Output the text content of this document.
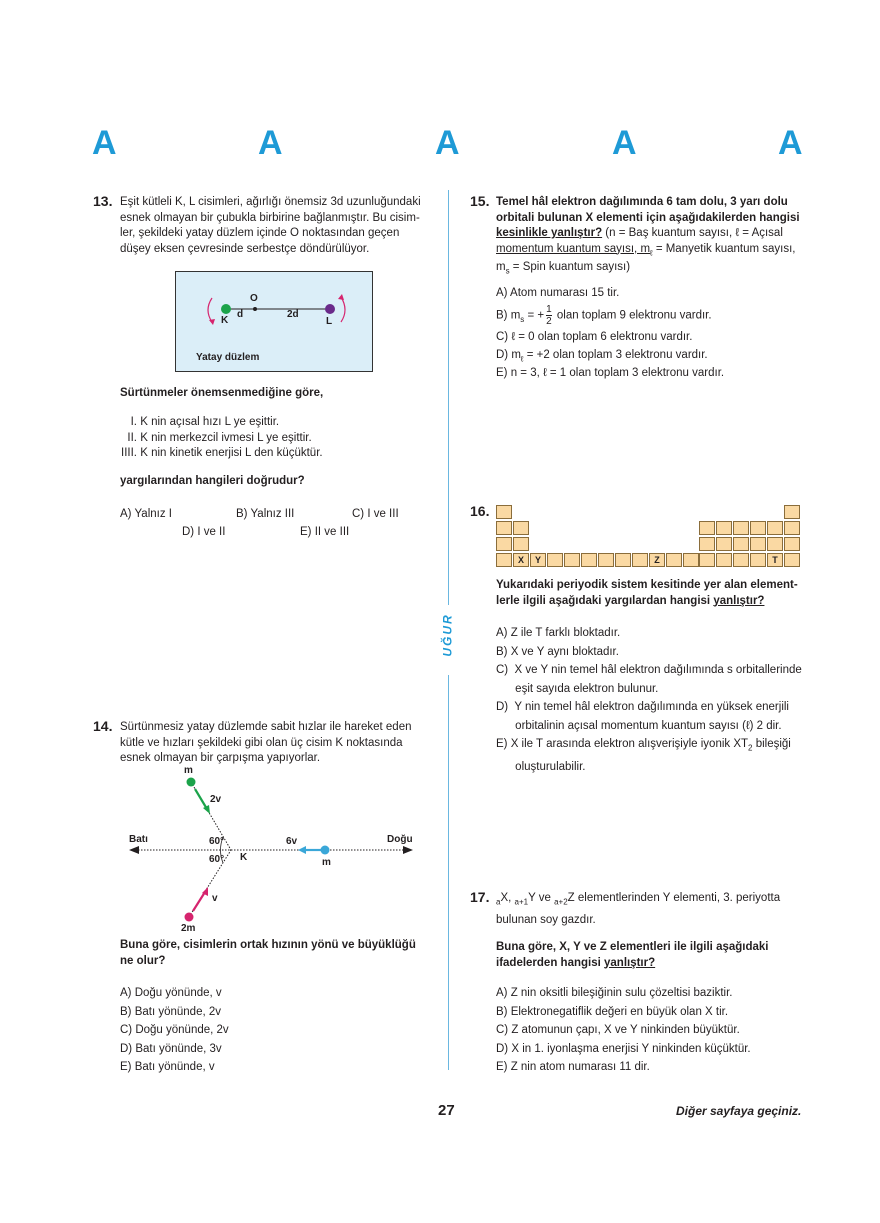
A	A	A	A	A
UĞUR
13. Eşit kütleli K, L cisimleri, ağırlığı önemsiz 3d uzunluğundaki
esnek olmayan bir çubukla birbirine bağlanmıştır. Bu cisim-
ler, şekildeki yatay düzlem içinde O noktasından geçen
düşey eksen çevresinde serbestçe döndürülüyor.
O
K
d	2d
L
Yatay düzlem
Sürtünmeler önemsenmediğine göre,
I. K nin açısal hızı L ye eşittir.
II. K nin merkezcil ivmesi L ye eşittir.
IIII. K nin kinetik enerjisi L den küçüktür.
yargılarından hangileri doğrudur?
A) Yalnız I	B) Yalnız III	C) I ve III
D) I ve II	E) II ve III
14. Sürtünmesiz yatay düzlemde sabit hızlar ile hareket eden
kütle ve hızları şekildeki gibi olan üç cisim K noktasında
esnek olmayan bir çarpışma yapıyorlar.
Batı	Doğu
m
2v
60°
60° K
6v
m
v
2m
Buna göre, cisimlerin ortak hızının yönü ve büyüklüğü
ne olur?
A) Doğu yönünde, v
B) Batı yönünde, 2v
C) Doğu yönünde, 2v
D) Batı yönünde, 3v
E) Batı yönünde, v
15. Temel hâl elektron dağılımında 6 tam dolu, 3 yarı dolu
orbitali bulunan X elementi için aşağıdakilerden hangisi
kesinlikle yanlıştır? (n = Baş kuantum sayısı, ℓ = Açısal
momentum kuantum sayısı, $m_\ell$ = Manyetik kuantum sayısı,
$m_s$ = Spin kuantum sayısı)
A) Atom numarası 15 tir.
B) $m_s$ = + $\frac{1}{2}$ olan toplam 9 elektronu vardır.
C) ℓ = 0 olan toplam 6 elektronu vardır.
D) $m_\ell = +2$ olan toplam 3 elektronu vardır.
E) n = 3, ℓ = 1 olan toplam 3 elektronu vardır.
16.
X	Y	Z	T
Yukarıdaki periyodik sistem kesitinde yer alan element-
lerle ilgili aşağıdaki yargılardan hangisi yanlıştır?
A) Z ile T farklı bloktadır.
B) X ve Y aynı bloktadır.
C)  X ve Y nin temel hâl elektron dağılımında s orbitallerinde
eşit sayıda elektron bulunur.
D)  Y nin temel hâl elektron dağılımında en yüksek enerjili
orbitalinin açısal momentum kuantum sayısı (ℓ) 2 dir.
E) X ile T arasında elektron alışverişiyle iyonik $XT_2$ bileşiği
oluşturulabilir.
17. $_a$X, $_{a+1}$Y ve $_{a+2}$Z elementlerinden Y elementi, 3. periyotta
bulunan soy gazdır.
Buna göre, X, Y ve Z elementleri ile ilgili aşağıdaki
ifadelerden hangisi yanlıştır?
A) Z nin oksitli bileşiğinin sulu çözeltisi baziktir.
B) Elektronegatiflik değeri en büyük olan X tir.
C) Z atomunun çapı, X ve Y ninkinden büyüktür.
D) X in 1. iyonlaşma enerjisi Y ninkinden küçüktür.
E) Z nin atom numarası 11 dir.
27	Diğer sayfaya geçiniz.
